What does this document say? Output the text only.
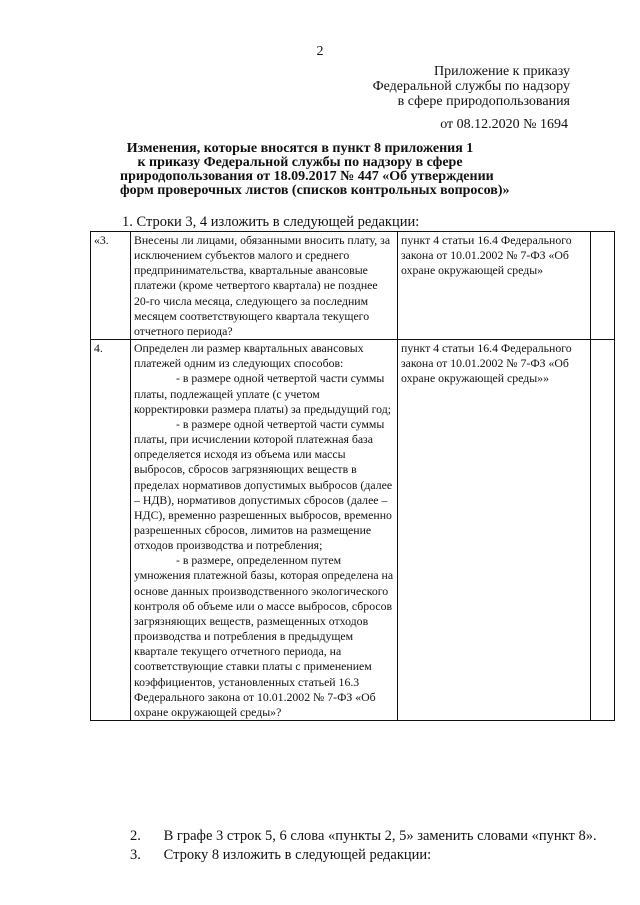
2
Приложение к приказу
Федеральной службы по надзору
в сфере природопользования
от 08.12.2020 № 1694
Изменения, которые вносятся в пункт 8 приложения 1
к приказу Федеральной службы по надзору в сфере
природопользования от 18.09.2017 № 447 «Об утверждении
форм проверочных листов (списков контрольных вопросов)»
1. Строки 3, 4 изложить в следующей редакции:
«3.	Внесены ли лицами, обязанными вносить плату, за исключением субъектов малого и среднего предпринимательства, квартальные авансовые платежи (кроме четвертого квартала) не позднее 20-го числа месяца, следующего за последним месяцем соответствующего квартала текущего отчетного периода?	пункт 4 статьи 16.4 Федерального закона от 10.01.2002 № 7-ФЗ «Об охране окружающей среды»	
4.	Определен ли размер квартальных авансовых платежей одним из следующих способов:
- в размере одной четвертой части суммы платы, подлежащей уплате (с учетом корректировки размера платы) за предыдущий год;
- в размере одной четвертой части суммы платы, при исчислении которой платежная база определяется исходя из объема или массы выбросов, сбросов загрязняющих веществ в пределах нормативов допустимых выбросов (далее – НДВ), нормативов допустимых сбросов (далее – НДС), временно разрешенных выбросов, временно разрешенных сбросов, лимитов на размещение отходов производства и потребления;
- в размере, определенном путем умножения платежной базы, которая определена на основе данных производственного экологического контроля об объеме или о массе выбросов, сбросов загрязняющих веществ, размещенных отходов производства и потребления в предыдущем квартале текущего отчетного периода, на соответствующие ставки платы с применением коэффициентов, установленных статьей 16.3 Федерального закона от 10.01.2002 № 7-ФЗ «Об охране окружающей среды»?	пункт 4 статьи 16.4 Федерального закона от 10.01.2002 № 7-ФЗ «Об охране окружающей среды»»	
2. В графе 3 строк 5, 6 слова «пункты 2, 5» заменить словами «пункт 8».
3. Строку 8 изложить в следующей редакции:
